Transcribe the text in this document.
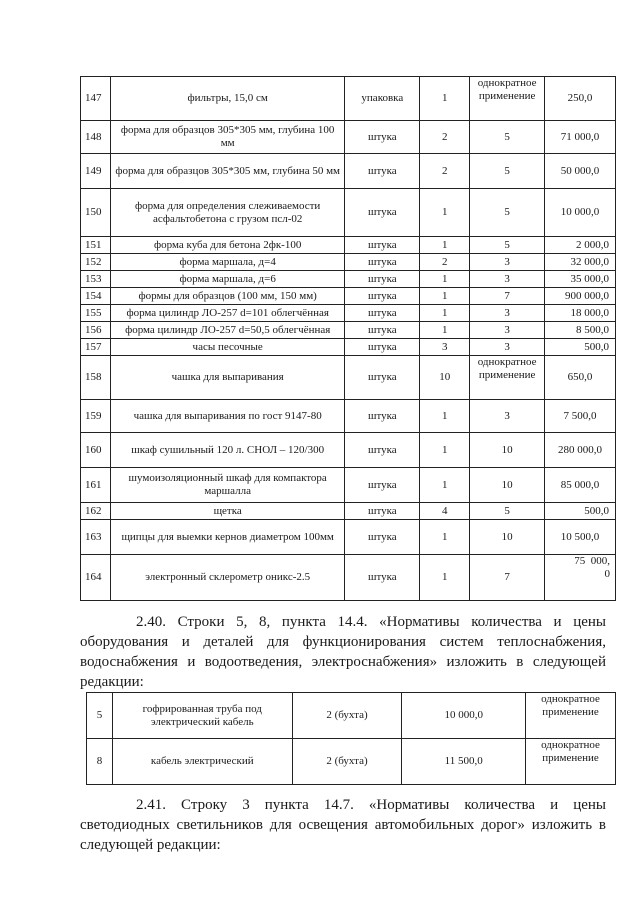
147	фильтры, 15,0 см	упаковка	1	однократное применение	250,0
148	форма для образцов 305*305 мм, глубина 100 мм	штука	2	5	71 000,0
149	форма для образцов 305*305 мм, глубина 50 мм	штука	2	5	50 000,0
150	форма для определения слеживаемости асфальтобетона с грузом псл-02	штука	1	5	10 000,0
151	форма куба для бетона 2фк-100	штука	1	5	2 000,0
152	форма маршала, д=4	штука	2	3	32 000,0
153	форма маршала, д=6	штука	1	3	35 000,0
154	формы для образцов (100 мм, 150 мм)	штука	1	7	900 000,0
155	форма цилиндр ЛО-257 d=101 облегчённая	штука	1	3	18 000,0
156	форма цилиндр ЛО-257 d=50,5 облегчённая	штука	1	3	8 500,0
157	часы песочные	штука	3	3	500,0
158	чашка для выпаривания	штука	10	однократное применение	650,0
159	чашка для выпаривания по гост 9147-80	штука	1	3	7 500,0
160	шкаф сушильный 120 л. СНОЛ – 120/300	штука	1	10	280 000,0
161	шумоизоляционный шкаф для компактора маршалла	штука	1	10	85 000,0
162	щетка	штука	4	5	500,0
163	щипцы для выемки кернов диаметром 100мм	штука	1	10	10 500,0
164	электронный склерометр оникс-2.5	штука	1	7	75  000,
0
2.40. Строки 5, 8, пункта 14.4. «Нормативы количества и цены оборудования и деталей для функционирования систем теплоснабжения, водоснабжения и водоотведения, электроснабжения» изложить в следующей редакции:
5	гофрированная труба под электрический кабель	2 (бухта)	10 000,0	однократное применение
8	кабель электрический	2 (бухта)	11 500,0	однократное применение
2.41. Строку 3 пункта 14.7. «Нормативы количества и цены светодиодных светильников для освещения автомобильных дорог» изложить в следующей редакции:
